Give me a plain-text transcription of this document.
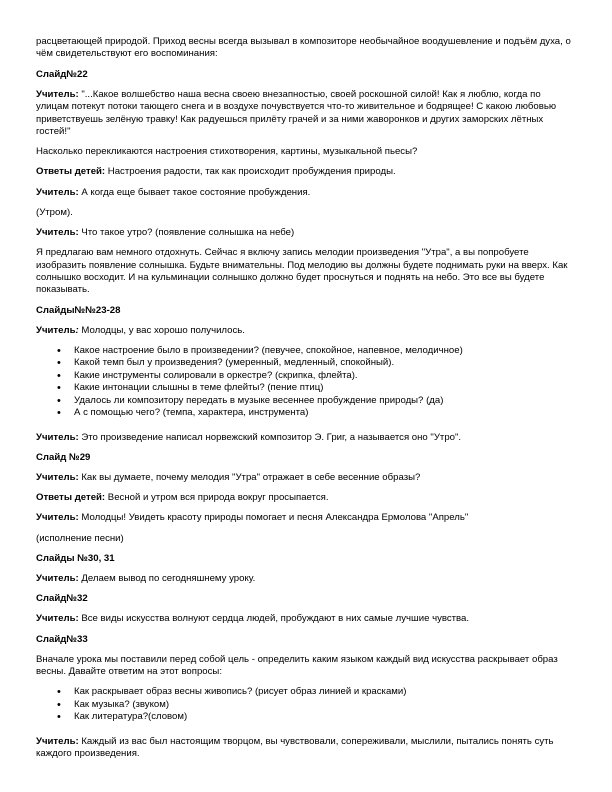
расцветающей природой. Приход весны всегда вызывал в композиторе необычайное воодушевление и подъём духа, о чём свидетельствуют его воспоминания:

Слайд№22

Учитель: "...Какое волшебство наша весна своею внезапностью, своей роскошной силой! Как я люблю, когда по улицам потекут потоки тающего снега и в воздухе почувствуется что-то живительное и бодрящее! С какою любовью приветствуешь зелёную травку! Как радуешься прилёту грачей и за ними жаворонков и других заморских лётных гостей!"

Насколько перекликаются настроения стихотворения, картины, музыкальной пьесы?

Ответы детей: Настроения радости, так как происходит пробуждения природы.

Учитель: А когда еще бывает такое состояние пробуждения.

(Утром).

Учитель: Что такое утро? (появление солнышка на небе)

Я предлагаю вам немного отдохнуть. Сейчас я включу запись мелодии произведения "Утра", а вы попробуете изобразить появление солнышка. Будьте внимательны. Под мелодию вы должны будете поднимать руки на вверх. Как солнышко восходит. И на кульминации солнышко должно будет проснуться и поднять на небо. Это все вы будете показывать.

Слайды№№23-28

Учитель: Молодцы, у вас хорошо получилось.

• Какое настроение было в произведении? (певучее, спокойное, напевное, мелодичное)
• Какой темп был у произведения? (умеренный, медленный, спокойный).
• Какие инструменты солировали в оркестре? (скрипка, флейта).
• Какие интонации слышны в теме флейты? (пение птиц)
• Удалось ли композитору передать в музыке весеннее пробуждение природы? (да)
• А с помощью чего? (темпа, характера, инструмента)

Учитель: Это произведение написал норвежский композитор Э. Григ, а называется оно "Утро".

Слайд №29

Учитель: Как вы думаете, почему мелодия "Утра" отражает в себе весенние образы?

Ответы детей: Весной и утром вся природа вокруг просыпается.

Учитель: Молодцы! Увидеть красоту природы помогает и песня Александра Ермолова "Апрель"

(исполнение песни)

Слайды №30, 31

Учитель: Делаем вывод по сегодняшнему уроку.

Слайд№32

Учитель: Все виды искусства волнуют сердца людей, пробуждают в них самые лучшие чувства.

Слайд№33

Вначале урока мы поставили перед собой цель - определить каким языком каждый вид искусства раскрывает образ весны. Давайте ответим на этот вопросы:

• Как раскрывает образ весны живопись? (рисует образ линией и красками)
• Как музыка? (звуком)
• Как литература?(словом)

Учитель: Каждый из вас был настоящим творцом, вы чувствовали, сопереживали, мыслили, пытались понять суть каждого произведения.
